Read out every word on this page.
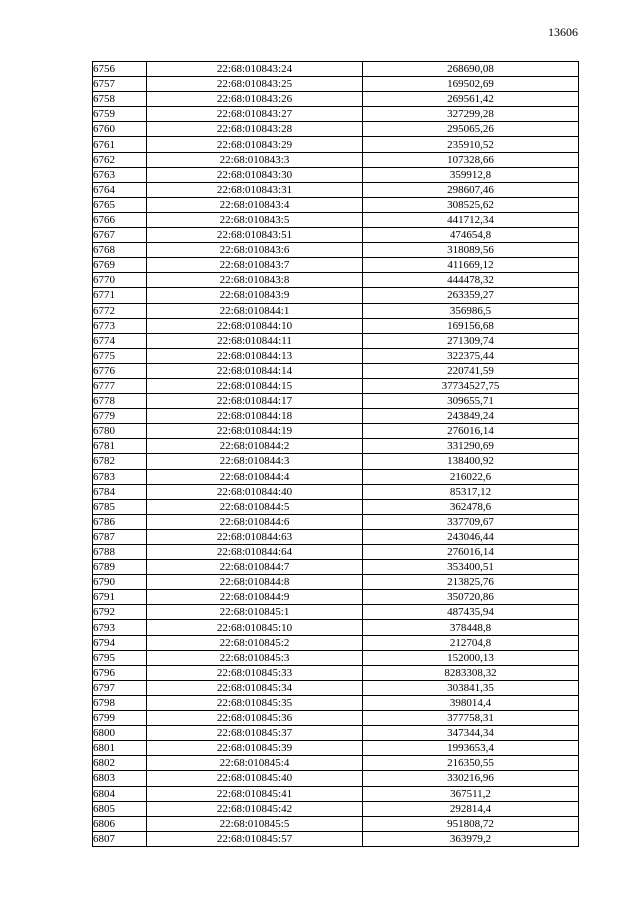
13606
6756	22:68:010843:24	268690,08
6757	22:68:010843:25	169502,69
6758	22:68:010843:26	269561,42
6759	22:68:010843:27	327299,28
6760	22:68:010843:28	295065,26
6761	22:68:010843:29	235910,52
6762	22:68:010843:3	107328,66
6763	22:68:010843:30	359912,8
6764	22:68:010843:31	298607,46
6765	22:68:010843:4	308525,62
6766	22:68:010843:5	441712,34
6767	22:68:010843:51	474654,8
6768	22:68:010843:6	318089,56
6769	22:68:010843:7	411669,12
6770	22:68:010843:8	444478,32
6771	22:68:010843:9	263359,27
6772	22:68:010844:1	356986,5
6773	22:68:010844:10	169156,68
6774	22:68:010844:11	271309,74
6775	22:68:010844:13	322375,44
6776	22:68:010844:14	220741,59
6777	22:68:010844:15	37734527,75
6778	22:68:010844:17	309655,71
6779	22:68:010844:18	243849,24
6780	22:68:010844:19	276016,14
6781	22:68:010844:2	331290,69
6782	22:68:010844:3	138400,92
6783	22:68:010844:4	216022,6
6784	22:68:010844:40	85317,12
6785	22:68:010844:5	362478,6
6786	22:68:010844:6	337709,67
6787	22:68:010844:63	243046,44
6788	22:68:010844:64	276016,14
6789	22:68:010844:7	353400,51
6790	22:68:010844:8	213825,76
6791	22:68:010844:9	350720,86
6792	22:68:010845:1	487435,94
6793	22:68:010845:10	378448,8
6794	22:68:010845:2	212704,8
6795	22:68:010845:3	152000,13
6796	22:68:010845:33	8283308,32
6797	22:68:010845:34	303841,35
6798	22:68:010845:35	398014,4
6799	22:68:010845:36	377758,31
6800	22:68:010845:37	347344,34
6801	22:68:010845:39	1993653,4
6802	22:68:010845:4	216350,55
6803	22:68:010845:40	330216,96
6804	22:68:010845:41	367511,2
6805	22:68:010845:42	292814,4
6806	22:68:010845:5	951808,72
6807	22:68:010845:57	363979,2
